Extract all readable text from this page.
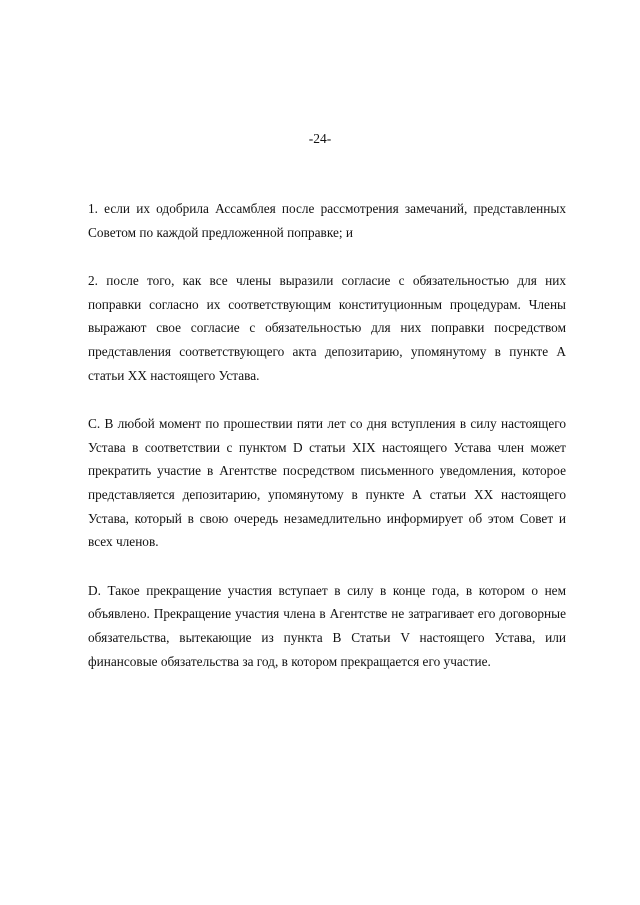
-24-

1. если их одобрила Ассамблея после рассмотрения замечаний, представленных Советом по каждой предложенной поправке; и

2. после того, как все члены выразили согласие с обязательностью для них поправки согласно их соответствующим конституционным процедурам. Члены выражают свое согласие с обязательностью для них поправки посредством представления соответствующего акта депозитарию, упомянутому в пункте А статьи XX настоящего Устава.

C. В любой момент по прошествии пяти лет со дня вступления в силу настоящего Устава в соответствии с пунктом D статьи XIX настоящего Устава член может прекратить участие в Агентстве посредством письменного уведомления, которое представляется депозитарию, упомянутому в пункте А статьи XX настоящего Устава, который в свою очередь незамедлительно информирует об этом Совет и всех членов.

D. Такое прекращение участия вступает в силу в конце года, в котором о нем объявлено. Прекращение участия члена в Агентстве не затрагивает его договорные обязательства, вытекающие из пункта В Статьи V настоящего Устава, или финансовые обязательства за год, в котором прекращается его участие.
